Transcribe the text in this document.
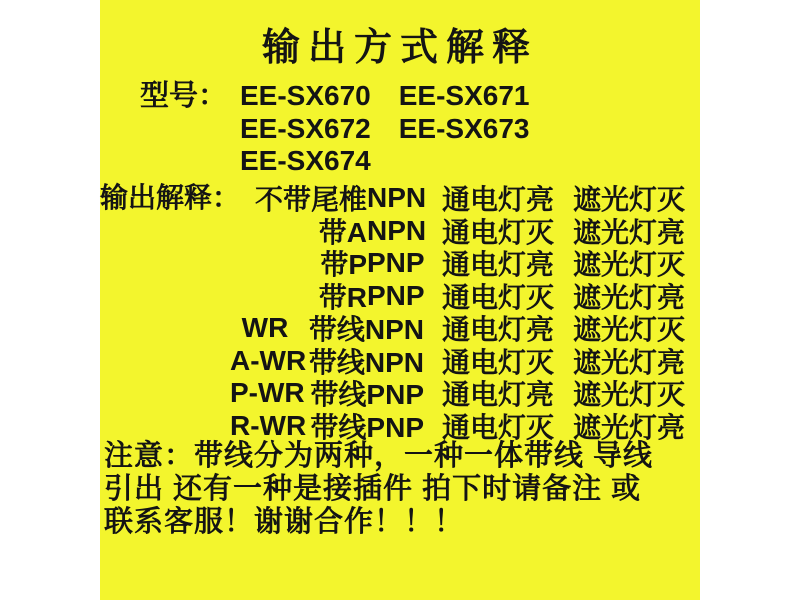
输出方式解释
型号： EE-SX670 EE-SX671
EE-SX672 EE-SX673
EE-SX674
输出解释： 不带尾椎 NPN 通电灯亮 遮光灯灭
带A NPN 通电灯灭 遮光灯亮
带P PNP 通电灯亮 遮光灯灭
带R PNP 通电灯灭 遮光灯亮
WR 带线NPN 通电灯亮 遮光灯灭
A-WR 带线NPN 通电灯灭 遮光灯亮
P-WR 带线PNP 通电灯亮 遮光灯灭
R-WR 带线PNP 通电灯灭 遮光灯亮
注意：带线分为两种，一种一体带线 导线
引出 还有一种是接插件 拍下时请备注 或
联系客服！谢谢合作！！！
